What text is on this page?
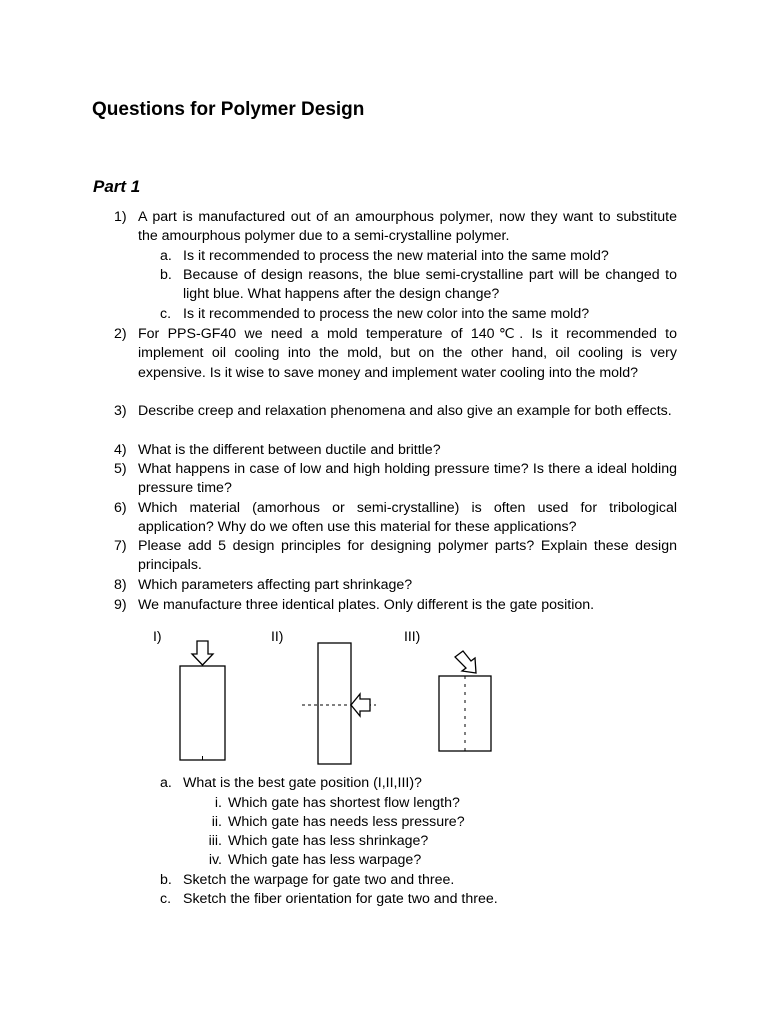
Questions for Polymer Design
Part 1
1) A part is manufactured out of an amourphous polymer, now they want to substitute the amourphous polymer due to a semi-crystalline polymer.
a. Is it recommended to process the new material into the same mold?
b. Because of design reasons, the blue semi-crystalline part will be changed to light blue. What happens after the design change?
c. Is it recommended to process the new color into the same mold?
2) For PPS-GF40 we need a mold temperature of 140℃. Is it recommended to implement oil cooling into the mold, but on the other hand, oil cooling is very expensive. Is it wise to save money and implement water cooling into the mold?
3) Describe creep and relaxation phenomena and also give an example for both effects.
4) What is the different between ductile and brittle?
5) What happens in case of low and high holding pressure time? Is there a ideal holding pressure time?
6) Which material (amorhous or semi-crystalline) is often used for tribological application? Why do we often use this material for these applications?
7) Please add 5 design principles for designing polymer parts? Explain these design principals.
8) Which parameters affecting part shrinkage?
9) We manufacture three identical plates. Only different is the gate position.
I)	II)	III)
a. What is the best gate position (I,II,III)?
i. Which gate has shortest flow length?
ii. Which gate has needs less pressure?
iii. Which gate has less shrinkage?
iv. Which gate has less warpage?
b. Sketch the warpage for gate two and three.
c. Sketch the fiber orientation for gate two and three.
